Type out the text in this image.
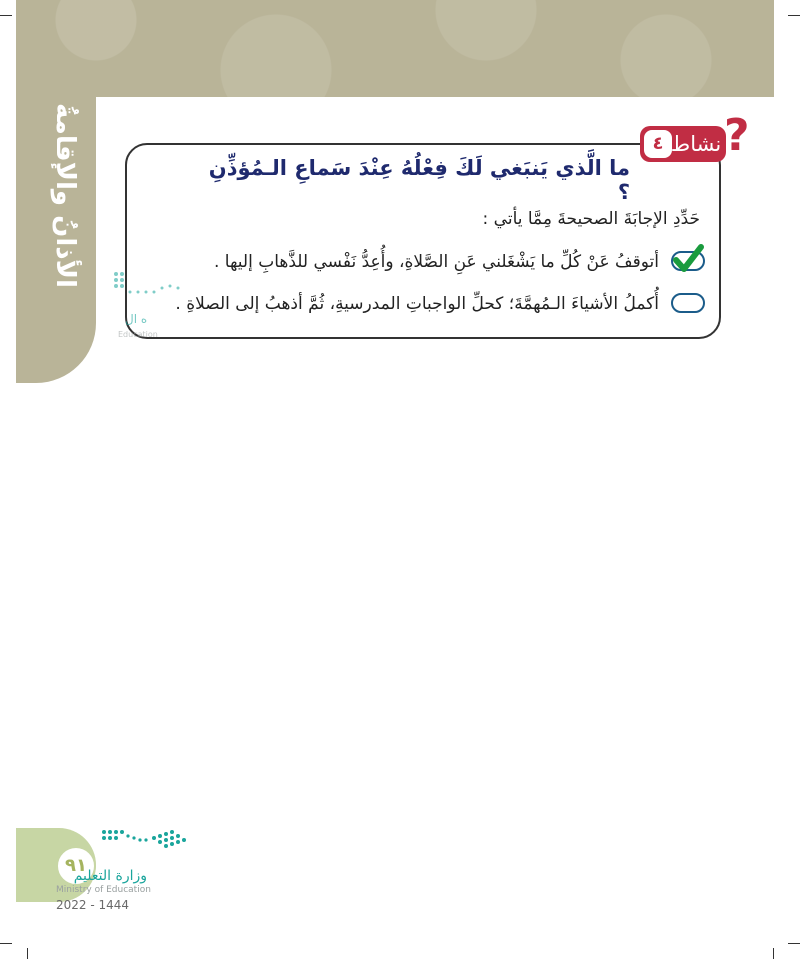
الأذانُ والإقامةُ	٤ نشاط ?
ما الَّذي يَنبَغي لَكَ فِعْلُهُ عِنْدَ سَماعِ الـمُؤذِّنِ ؟
حَدِّدِ الإجابَةَ الصحيحةَ مِمَّا يأتي :
أتوقفُ عَنْ كُلِّ ما يَشْغَلني عَنِ الصَّلاةِ، وأُعِدُّ نَفْسي للذَّهابِ إليها .
أُكملُ الأشياءَ الـمُهمَّةَ؛ كحلِّ الواجباتِ المدرسيةِ، ثُمَّ أذهبُ إلى الصلاةِ .
ه ال
Education
٩١
وزارة التعليم
Ministry of Education
2022 - 1444
